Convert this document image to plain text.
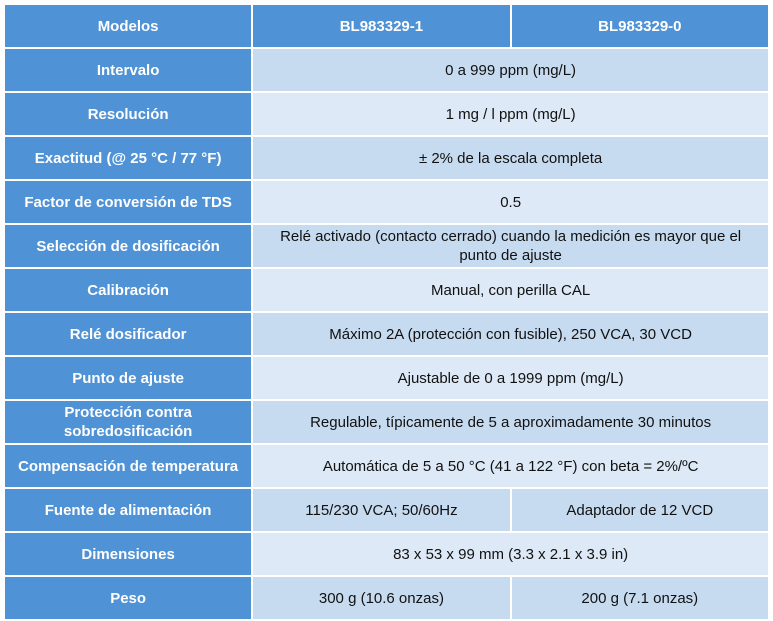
Modelos	BL983329-1	BL983329-0
Intervalo	0 a 999 ppm (mg/L)	
Resolución	1 mg / l ppm (mg/L)	
Exactitud (@ 25 °C / 77 °F)	± 2% de la escala completa	
Factor de conversión de TDS	0.5	
Selección de dosificación	Relé activado (contacto cerrado) cuando la medición es mayor que el punto de ajuste	
Calibración	Manual, con perilla CAL	
Relé dosificador	Máximo 2A (protección con fusible), 250 VCA, 30 VCD	
Punto de ajuste	Ajustable de 0 a 1999 ppm (mg/L)	
Protección contra sobredosificación	Regulable, típicamente de 5 a aproximadamente 30 minutos	
Compensación de temperatura	Automática de 5 a 50 °C (41 a 122 °F) con beta = 2%/ºC	
Fuente de alimentación	115/230 VCA; 50/60Hz	Adaptador de 12 VCD
Dimensiones	83 x 53 x 99 mm (3.3 x 2.1 x 3.9 in)	
Peso	300 g (10.6 onzas)	200 g (7.1 onzas)
